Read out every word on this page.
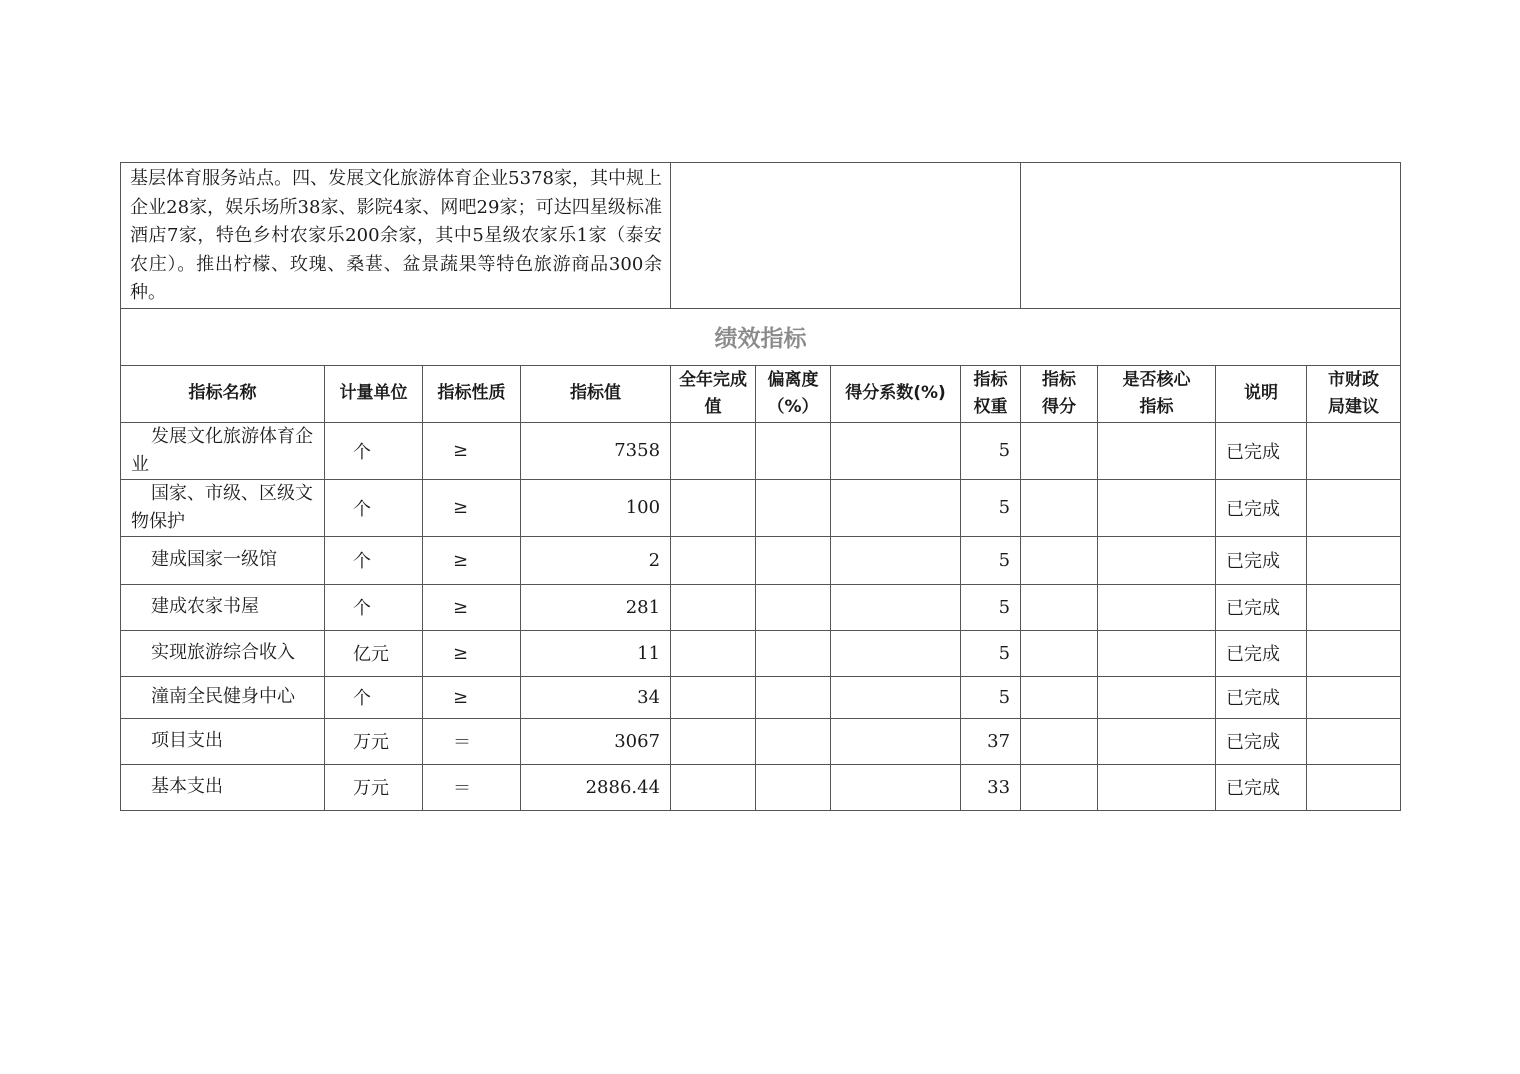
基层体育服务站点。四、发展文化旅游体育企业5378家，其中规上企业28家，娱乐场所38家、影院4家、网吧29家；可达四星级标准酒店7家，特色乡村农家乐200余家，其中5星级农家乐1家（泰安农庄）。推出柠檬、玫瑰、桑葚、盆景蔬果等特色旅游商品300余种。											
绩效指标											
指标名称	计量单位	指标性质	指标值	全年完成值	偏离度（%）	得分系数(%)	指标权重	指标得分	是否核心指标	说明	市财政局建议
发展文化旅游体育企业	个	≥	7358				5			已完成	
国家、市级、区级文物保护	个	≥	100				5			已完成	
建成国家一级馆	个	≥	2				5			已完成	
建成农家书屋	个	≥	281				5			已完成	
实现旅游综合收入	亿元	≥	11				5			已完成	
潼南全民健身中心	个	≥	34				5			已完成	
项目支出	万元	＝	3067				37			已完成	
基本支出	万元	＝	2886.44				33			已完成	
